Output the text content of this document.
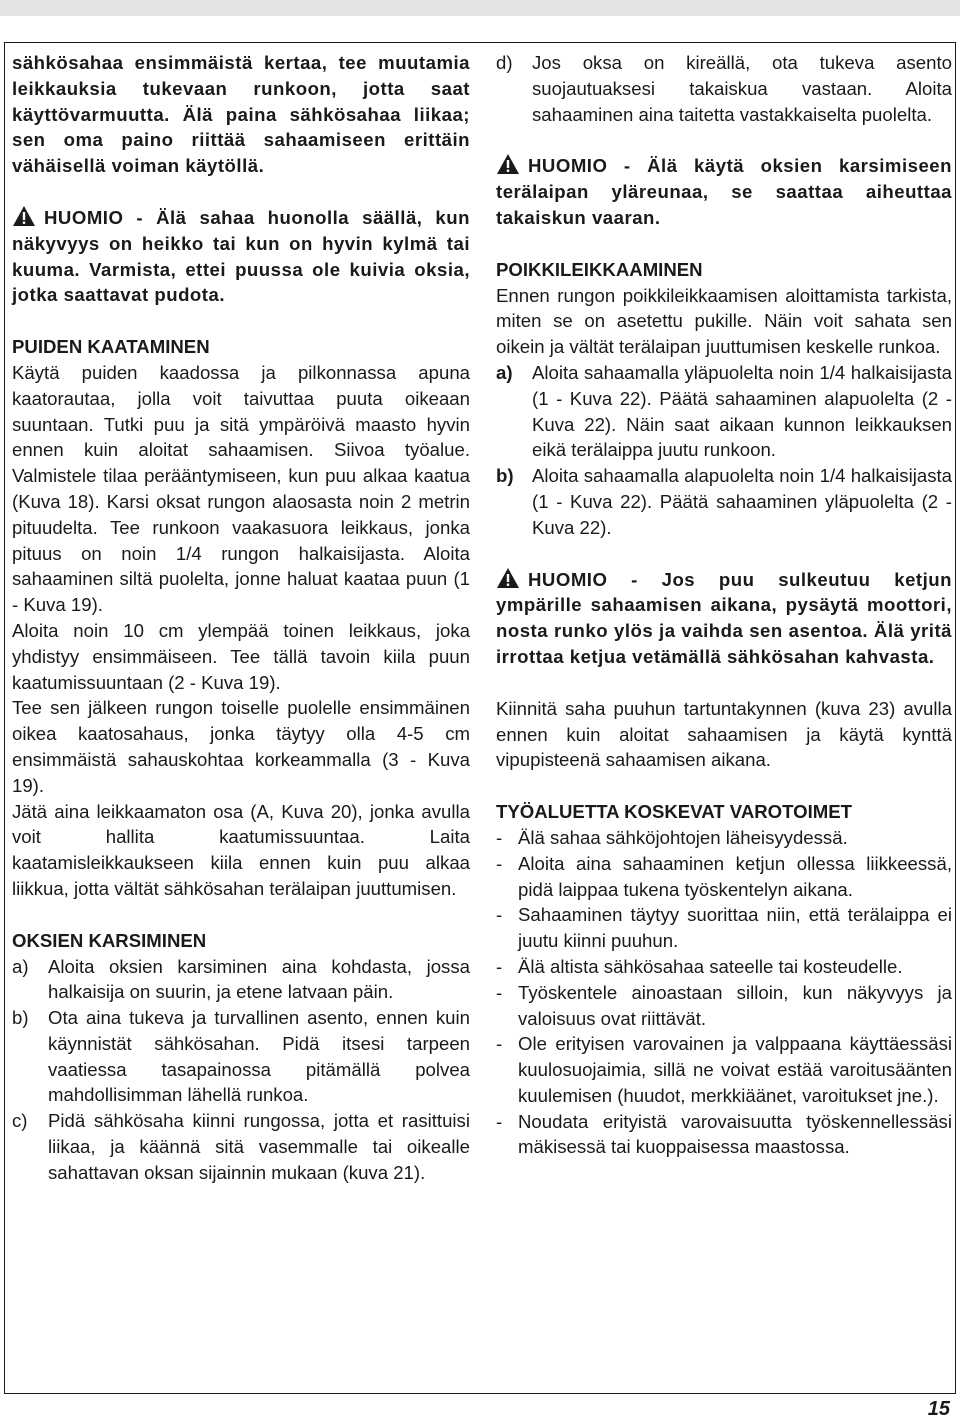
sähkösahaa ensimmäistä kertaa, tee muutamia leikkauksia tukevaan runkoon, jotta saat käyttövarmuutta. Älä paina sähkösahaa liikaa; sen oma paino riittää sahaamiseen erittäin vähäisellä voiman käytöllä.

HUOMIO - Älä sahaa huonolla säällä, kun näkyvyys on heikko tai kun on hyvin kylmä tai kuuma. Varmista, ettei puussa ole kuivia oksia, jotka saattavat pudota.

PUIDEN KAATAMINEN

Käytä puiden kaadossa ja pilkonnassa apuna kaatorautaa, jolla voit taivuttaa puuta oikeaan suuntaan. Tutki puu ja sitä ympäröivä maasto hyvin ennen kuin aloitat sahaamisen. Siivoa työalue. Valmistele tilaa perääntymiseen, kun puu alkaa kaatua (Kuva 18). Karsi oksat rungon alaosasta noin 2 metrin pituudelta. Tee runkoon vaakasuora leikkaus, jonka pituus on noin 1/4 rungon halkaisijasta. Aloita sahaaminen siltä puolelta, jonne haluat kaataa puun (1 - Kuva 19).

Aloita noin 10 cm ylempää toinen leikkaus, joka yhdistyy ensimmäiseen. Tee tällä tavoin kiila puun kaatumissuuntaan (2 - Kuva 19).

Tee sen jälkeen rungon toiselle puolelle ensimmäinen oikea kaatosahaus, jonka täytyy olla 4-5 cm ensimmäistä sahauskohtaa korkeammalla (3 - Kuva 19).

Jätä aina leikkaamaton osa (A, Kuva 20), jonka avulla voit hallita kaatumissuuntaa. Laita kaatamisleikkaukseen kiila ennen kuin puu alkaa liikkua, jotta vältät sähkösahan terälaipan juuttumisen.

OKSIEN KARSIMINEN
a) Aloita oksien karsiminen aina kohdasta, jossa halkaisija on suurin, ja etene latvaan päin.
b) Ota aina tukeva ja turvallinen asento, ennen kuin käynnistät sähkösahan. Pidä itsesi tarpeen vaatiessa tasapainossa pitämällä polvea mahdollisimman lähellä runkoa.
c) Pidä sähkösaha kiinni rungossa, jotta et rasittuisi liikaa, ja käännä sitä vasemmalle tai oikealle sahattavan oksan sijainnin mukaan (kuva 21).
d) Jos oksa on kireällä, ota tukeva asento suojautuaksesi takaiskua vastaan. Aloita sahaaminen aina taitetta vastakkaiselta puolelta.

HUOMIO - Älä käytä oksien karsimiseen terälaipan yläreunaa, se saattaa aiheuttaa takaiskun vaaran.

POIKKILEIKKAAMINEN

Ennen rungon poikkileikkaamisen aloittamista tarkista, miten se on asetettu pukille. Näin voit sahata sen oikein ja vältät terälaipan juuttumisen keskelle runkoa.

a) Aloita sahaamalla yläpuolelta noin 1/4 halkaisijasta (1 - Kuva 22). Päätä sahaaminen alapuolelta (2 - Kuva 22). Näin saat aikaan kunnon leikkauksen eikä terälaippa juutu runkoon.
b) Aloita sahaamalla alapuolelta noin 1/4 halkaisijasta (1 - Kuva 22). Päätä sahaaminen yläpuolelta (2 - Kuva 22).

HUOMIO - Jos puu sulkeutuu ketjun ympärille sahaamisen aikana, pysäytä moottori, nosta runko ylös ja vaihda sen asentoa. Älä yritä irrottaa ketjua vetämällä sähkösahan kahvasta.

Kiinnitä saha puuhun tartuntakynnen (kuva 23) avulla ennen kuin aloitat sahaamisen ja käytä kynttä vipupisteenä sahaamisen aikana.

TYÖALUETTA KOSKEVAT VAROTOIMET
- Älä sahaa sähköjohtojen läheisyydessä.
- Aloita aina sahaaminen ketjun ollessa liikkeessä, pidä laippaa tukena työskentelyn aikana.
- Sahaaminen täytyy suorittaa niin, että terälaippa ei juutu kiinni puuhun.
- Älä altista sähkösahaa sateelle tai kosteudelle.
- Työskentele ainoastaan silloin, kun näkyvyys ja valoisuus ovat riittävät.
- Ole erityisen varovainen ja valppaana käyttäessäsi kuulosuojaimia, sillä ne voivat estää varoitusäänten kuulemisen (huudot, merkkiäänet, varoitukset jne.).
- Noudata erityistä varovaisuutta työskennellessäsi mäkisessä tai kuoppaisessa maastossa.
15
